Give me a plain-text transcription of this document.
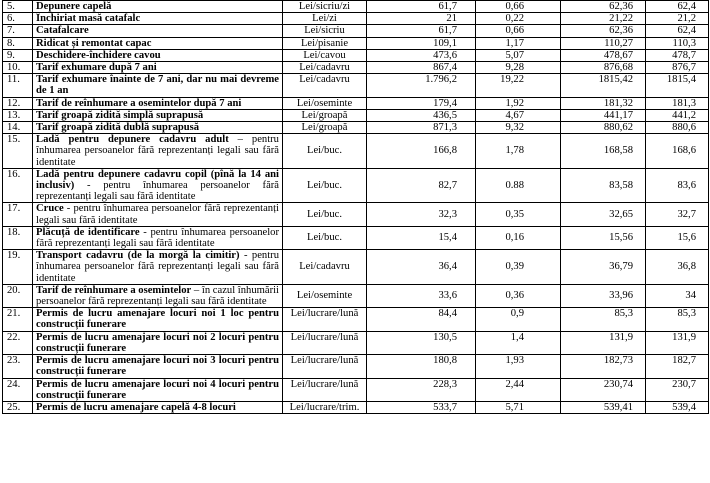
5.	Depunere capelă	Lei/sicriu/zi	61,7	0,66	62,36	62,4
6.	Închiriat masă catafalc	Lei/zi	21	0,22	21,22	21,2
7.	Catafalcare	Lei/sicriu	61,7	0,66	62,36	62,4
8.	Ridicat și remontat capac	Lei/pisanie	109,1	1,17	110,27	110,3
9.	Deschidere-închidere cavou	Lei/cavou	473,6	5,07	478,67	478,7
10.	Tarif exhumare după 7 ani	Lei/cadavru	867,4	9,28	876,68	876,7
11.	Tarif exhumare înainte de 7 ani, dar nu mai devreme de 1 an	Lei/cadavru	1.796,2	19,22	1815,42	1815,4
12.	Tarif de reînhumare a osemintelor după 7 ani	Lei/oseminte	179,4	1,92	181,32	181,3
13.	Tarif groapă zidită simplă suprapusă	Lei/groapă	436,5	4,67	441,17	441,2
14.	Tarif groapă zidită dublă suprapusă	Lei/groapă	871,3	9,32	880,62	880,6
15.	Ladă pentru depunere cadavru adult – pentru înhumarea persoanelor fără reprezentanți legali sau fără identitate	Lei/buc.	166,8	1,78	168,58	168,6
16.	Ladă pentru depunere cadavru copil (pînă la 14 ani inclusiv) - pentru înhumarea persoanelor fără reprezentanți legali sau fără identitate	Lei/buc.	82,7	0.88	83,58	83,6
17.	Cruce - pentru înhumarea persoanelor fără reprezentanți legali sau fără identitate	Lei/buc.	32,3	0,35	32,65	32,7
18.	Plăcuță de identificare - pentru înhumarea persoanelor fără reprezentanți legali sau fără identitate	Lei/buc.	15,4	0,16	15,56	15,6
19.	Transport cadavru (de la morgă la cimitir) - pentru înhumarea persoanelor fără reprezentanți legali sau fără identitate	Lei/cadavru	36,4	0,39	36,79	36,8
20.	Tarif de reînhumare a osemintelor – în cazul înhumării persoanelor fără reprezentanți legali sau fără identitate	Lei/oseminte	33,6	0,36	33,96	34
21.	Permis de lucru amenajare locuri noi 1 loc pentru construcții funerare	Lei/lucrare/lună	84,4	0,9	85,3	85,3
22.	Permis de lucru amenajare locuri noi 2 locuri pentru construcții funerare	Lei/lucrare/lună	130,5	1,4	131,9	131,9
23.	Permis de lucru amenajare locuri noi 3 locuri pentru construcții funerare	Lei/lucrare/lună	180,8	1,93	182,73	182,7
24.	Permis de lucru amenajare locuri noi 4 locuri pentru construcții funerare	Lei/lucrare/lună	228,3	2,44	230,74	230,7
25.	Permis de lucru amenajare capelă 4-8 locuri	Lei/lucrare/trim.	533,7	5,71	539,41	539,4
